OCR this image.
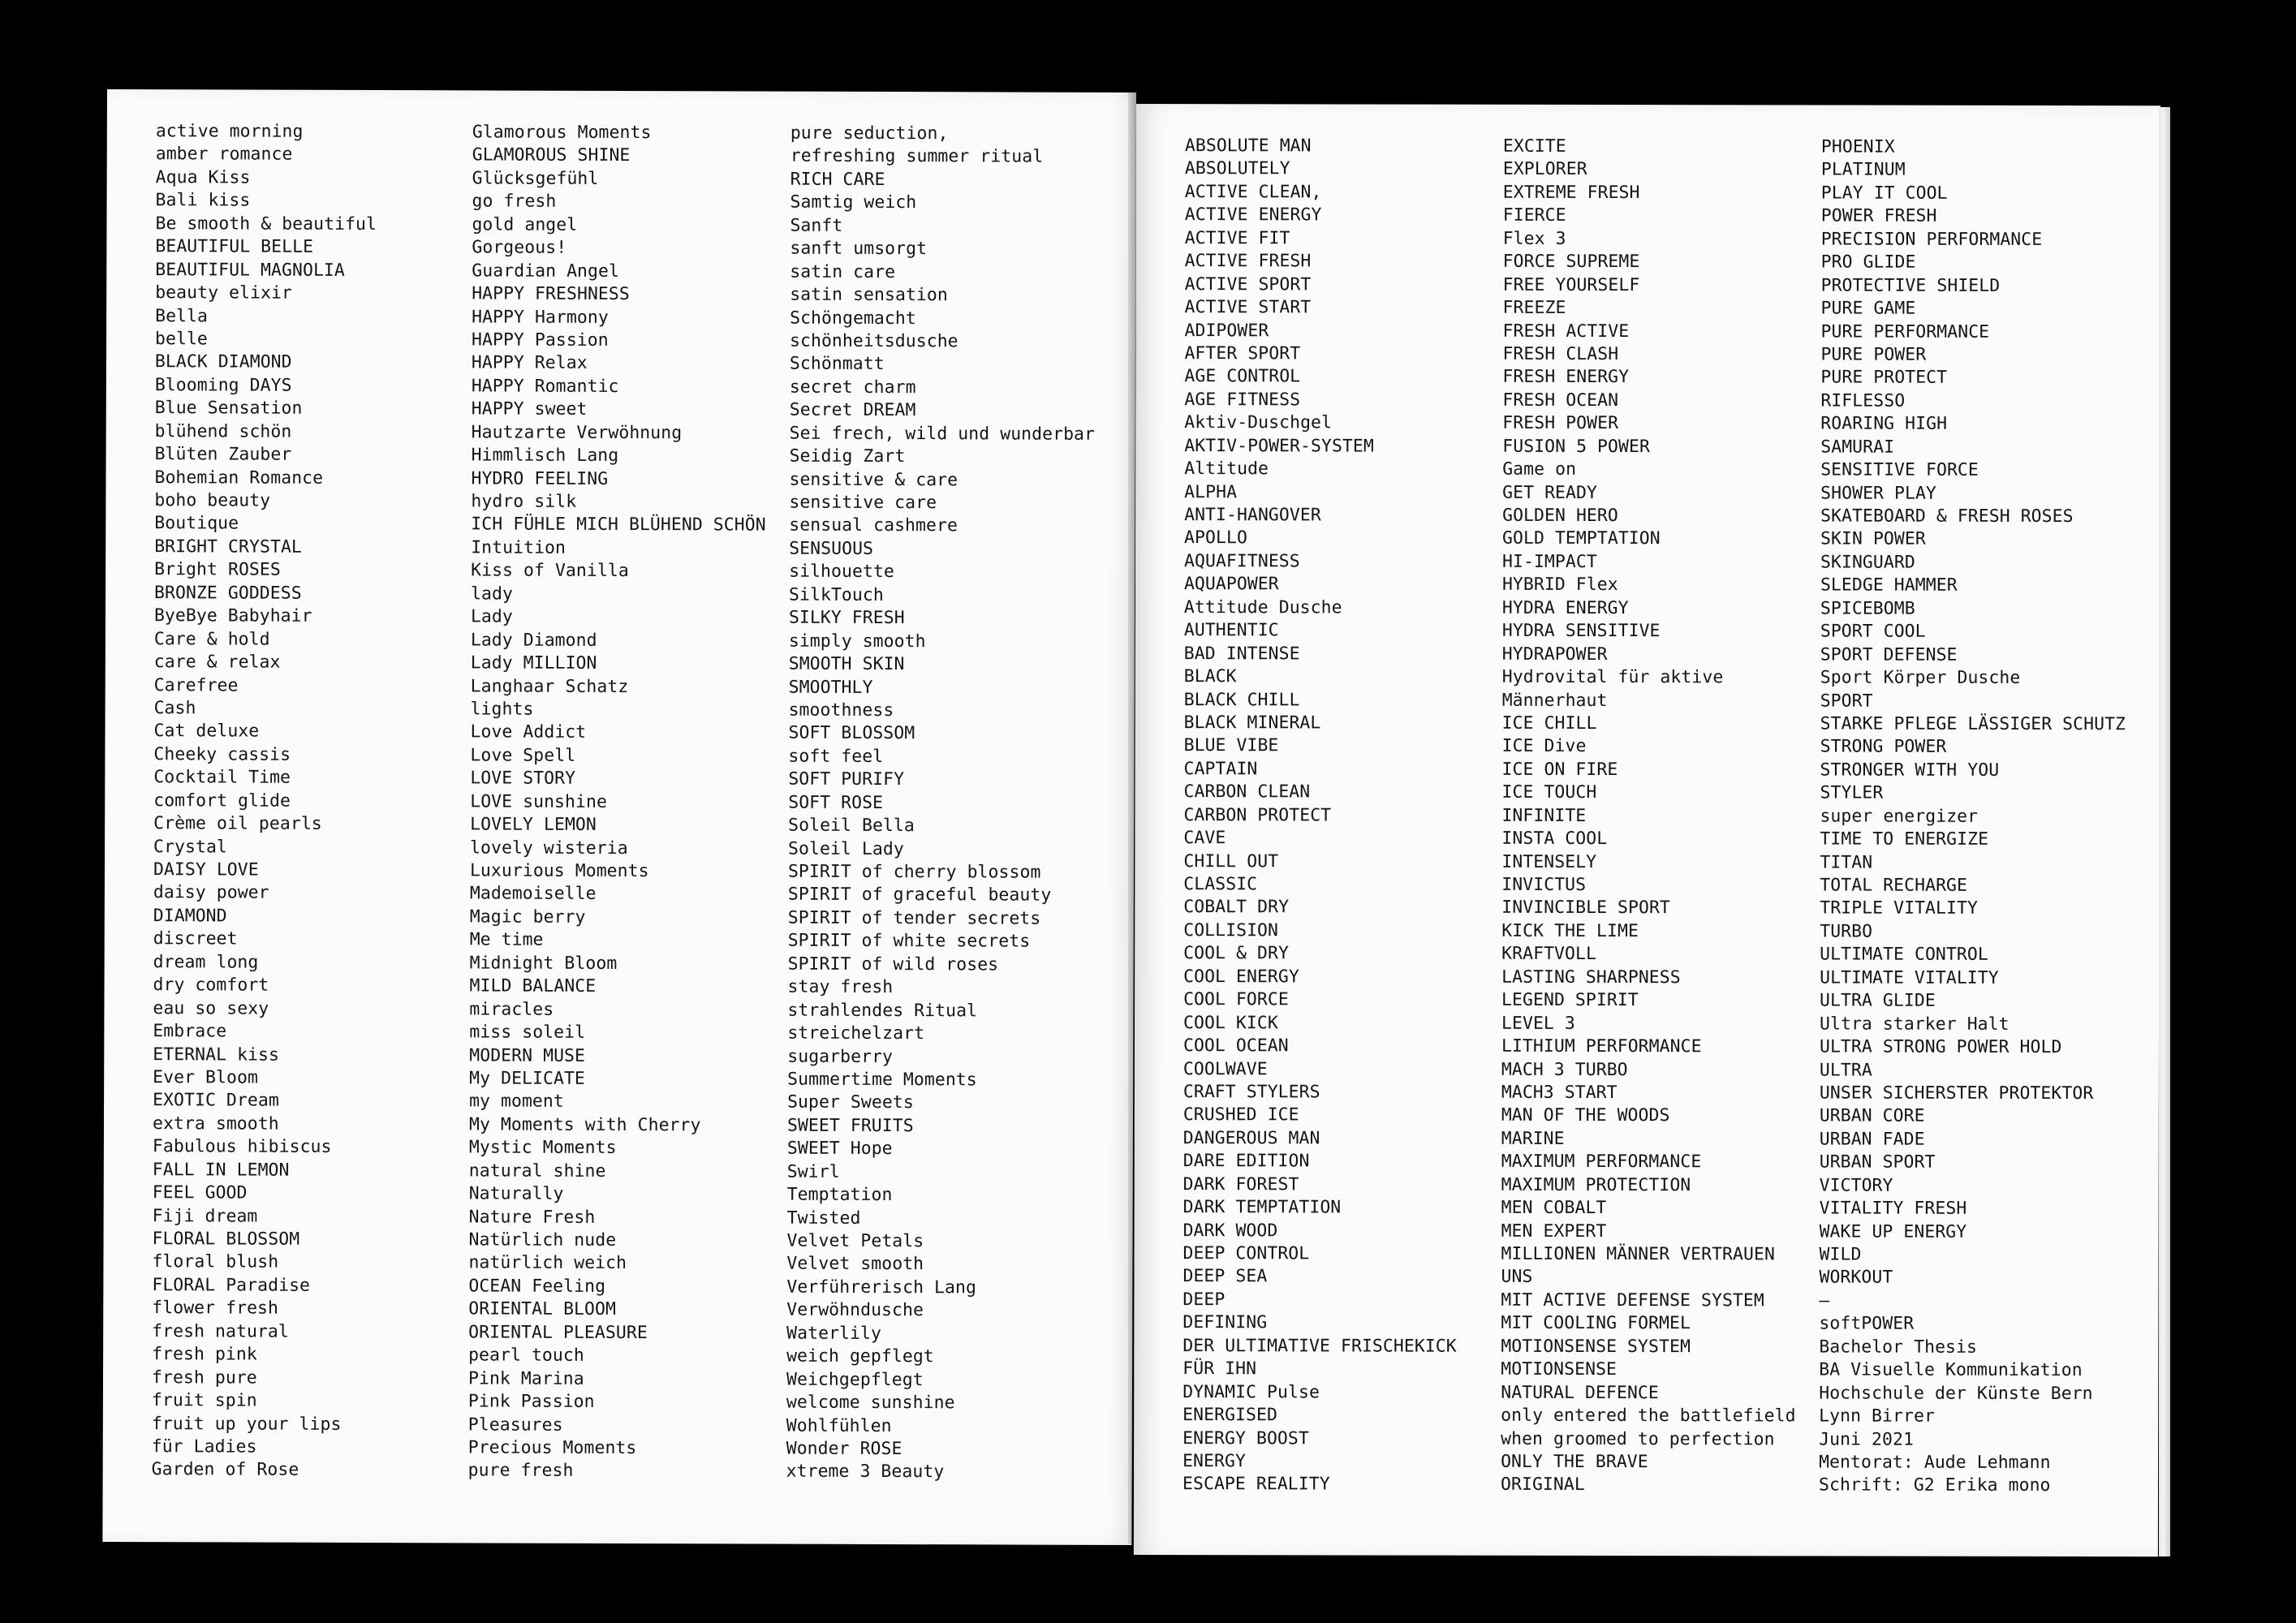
active morning
amber romance
Aqua Kiss
Bali kiss
Be smooth & beautiful
BEAUTIFUL BELLE
BEAUTIFUL MAGNOLIA
beauty elixir
Bella
belle
BLACK DIAMOND
Blooming DAYS
Blue Sensation
blühend schön
Blüten Zauber
Bohemian Romance
boho beauty
Boutique
BRIGHT CRYSTAL
Bright ROSES
BRONZE GODDESS
ByeBye Babyhair
Care & hold
care & relax
Carefree
Cash
Cat deluxe
Cheeky cassis
Cocktail Time
comfort glide
Crème oil pearls
Crystal
DAISY LOVE
daisy power
DIAMOND
discreet
dream long
dry comfort
eau so sexy
Embrace
ETERNAL kiss
Ever Bloom
EXOTIC Dream
extra smooth
Fabulous hibiscus
FALL IN LEMON
FEEL GOOD
Fiji dream
FLORAL BLOSSOM
floral blush
FLORAL Paradise
flower fresh
fresh natural
fresh pink
fresh pure
fruit spin
fruit up your lips
für Ladies
Garden of Rose
Glamorous Moments
GLAMOROUS SHINE
Glücksgefühl
go fresh
gold angel
Gorgeous!
Guardian Angel
HAPPY FRESHNESS
HAPPY Harmony
HAPPY Passion
HAPPY Relax
HAPPY Romantic
HAPPY sweet
Hautzarte Verwöhnung
Himmlisch Lang
HYDRO FEELING
hydro silk
ICH FÜHLE MICH BLÜHEND SCHÖN
Intuition
Kiss of Vanilla
lady
Lady
Lady Diamond
Lady MILLION
Langhaar Schatz
lights
Love Addict
Love Spell
LOVE STORY
LOVE sunshine
LOVELY LEMON
lovely wisteria
Luxurious Moments
Mademoiselle
Magic berry
Me time
Midnight Bloom
MILD BALANCE
miracles
miss soleil
MODERN MUSE
My DELICATE
my moment
My Moments with Cherry
Mystic Moments
natural shine
Naturally
Nature Fresh
Natürlich nude
natürlich weich
OCEAN Feeling
ORIENTAL BLOOM
ORIENTAL PLEASURE
pearl touch
Pink Marina
Pink Passion
Pleasures
Precious Moments
pure fresh
pure seduction,
refreshing summer ritual
RICH CARE
Samtig weich
Sanft
sanft umsorgt
satin care
satin sensation
Schöngemacht
schönheitsdusche
Schönmatt
secret charm
Secret DREAM
Sei frech, wild und wunderbar
Seidig Zart
sensitive & care
sensitive care
sensual cashmere
SENSUOUS
silhouette
SilkTouch
SILKY FRESH
simply smooth
SMOOTH SKIN
SMOOTHLY
smoothness
SOFT BLOSSOM
soft feel
SOFT PURIFY
SOFT ROSE
Soleil Bella
Soleil Lady
SPIRIT of cherry blossom
SPIRIT of graceful beauty
SPIRIT of tender secrets
SPIRIT of white secrets
SPIRIT of wild roses
stay fresh
strahlendes Ritual
streichelzart
sugarberry
Summertime Moments
Super Sweets
SWEET FRUITS
SWEET Hope
Swirl
Temptation
Twisted
Velvet Petals
Velvet smooth
Verführerisch Lang
Verwöhndusche
Waterlily
weich gepflegt
Weichgepflegt
welcome sunshine
Wohlfühlen
Wonder ROSE
xtreme 3 Beauty
ABSOLUTE MAN
ABSOLUTELY
ACTIVE CLEAN,
ACTIVE ENERGY
ACTIVE FIT
ACTIVE FRESH
ACTIVE SPORT
ACTIVE START
ADIPOWER
AFTER SPORT
AGE CONTROL
AGE FITNESS
Aktiv-Duschgel
AKTIV-POWER-SYSTEM
Altitude
ALPHA
ANTI-HANGOVER
APOLLO
AQUAFITNESS
AQUAPOWER
Attitude Dusche
AUTHENTIC
BAD INTENSE
BLACK
BLACK CHILL
BLACK MINERAL
BLUE VIBE
CAPTAIN
CARBON CLEAN
CARBON PROTECT
CAVE
CHILL OUT
CLASSIC
COBALT DRY
COLLISION
COOL & DRY
COOL ENERGY
COOL FORCE
COOL KICK
COOL OCEAN
COOLWAVE
CRAFT STYLERS
CRUSHED ICE
DANGEROUS MAN
DARE EDITION
DARK FOREST
DARK TEMPTATION
DARK WOOD
DEEP CONTROL
DEEP SEA
DEEP
DEFINING
DER ULTIMATIVE FRISCHEKICK
FÜR IHN
DYNAMIC Pulse
ENERGISED
ENERGY BOOST
ENERGY
ESCAPE REALITY
EXCITE
EXPLORER
EXTREME FRESH
FIERCE
Flex 3
FORCE SUPREME
FREE YOURSELF
FREEZE
FRESH ACTIVE
FRESH CLASH
FRESH ENERGY
FRESH OCEAN
FRESH POWER
FUSION 5 POWER
Game on
GET READY
GOLDEN HERO
GOLD TEMPTATION
HI-IMPACT
HYBRID Flex
HYDRA ENERGY
HYDRA SENSITIVE
HYDRAPOWER
Hydrovital für aktive
Männerhaut
ICE CHILL
ICE Dive
ICE ON FIRE
ICE TOUCH
INFINITE
INSTA COOL
INTENSELY
INVICTUS
INVINCIBLE SPORT
KICK THE LIME
KRAFTVOLL
LASTING SHARPNESS
LEGEND SPIRIT
LEVEL 3
LITHIUM PERFORMANCE
MACH 3 TURBO
MACH3 START
MAN OF THE WOODS
MARINE
MAXIMUM PERFORMANCE
MAXIMUM PROTECTION
MEN COBALT
MEN EXPERT
MILLIONEN MÄNNER VERTRAUEN
UNS
MIT ACTIVE DEFENSE SYSTEM
MIT COOLING FORMEL
MOTIONSENSE SYSTEM
MOTIONSENSE
NATURAL DEFENCE
only entered the battlefield
when groomed to perfection
ONLY THE BRAVE
ORIGINAL
PHOENIX
PLATINUM
PLAY IT COOL
POWER FRESH
PRECISION PERFORMANCE
PRO GLIDE
PROTECTIVE SHIELD
PURE GAME
PURE PERFORMANCE
PURE POWER
PURE PROTECT
RIFLESSO
ROARING HIGH
SAMURAI
SENSITIVE FORCE
SHOWER PLAY
SKATEBOARD & FRESH ROSES
SKIN POWER
SKINGUARD
SLEDGE HAMMER
SPICEBOMB
SPORT COOL
SPORT DEFENSE
Sport Körper Dusche
SPORT
STARKE PFLEGE LÄSSIGER SCHUTZ
STRONG POWER
STRONGER WITH YOU
STYLER
super energizer
TIME TO ENERGIZE
TITAN
TOTAL RECHARGE
TRIPLE VITALITY
TURBO
ULTIMATE CONTROL
ULTIMATE VITALITY
ULTRA GLIDE
Ultra starker Halt
ULTRA STRONG POWER HOLD
ULTRA
UNSER SICHERSTER PROTEKTOR
URBAN CORE
URBAN FADE
URBAN SPORT
VICTORY
VITALITY FRESH
WAKE UP ENERGY
WILD
WORKOUT
—
softPOWER
Bachelor Thesis
BA Visuelle Kommunikation
Hochschule der Künste Bern
Lynn Birrer
Juni 2021
Mentorat: Aude Lehmann
Schrift: G2 Erika mono
